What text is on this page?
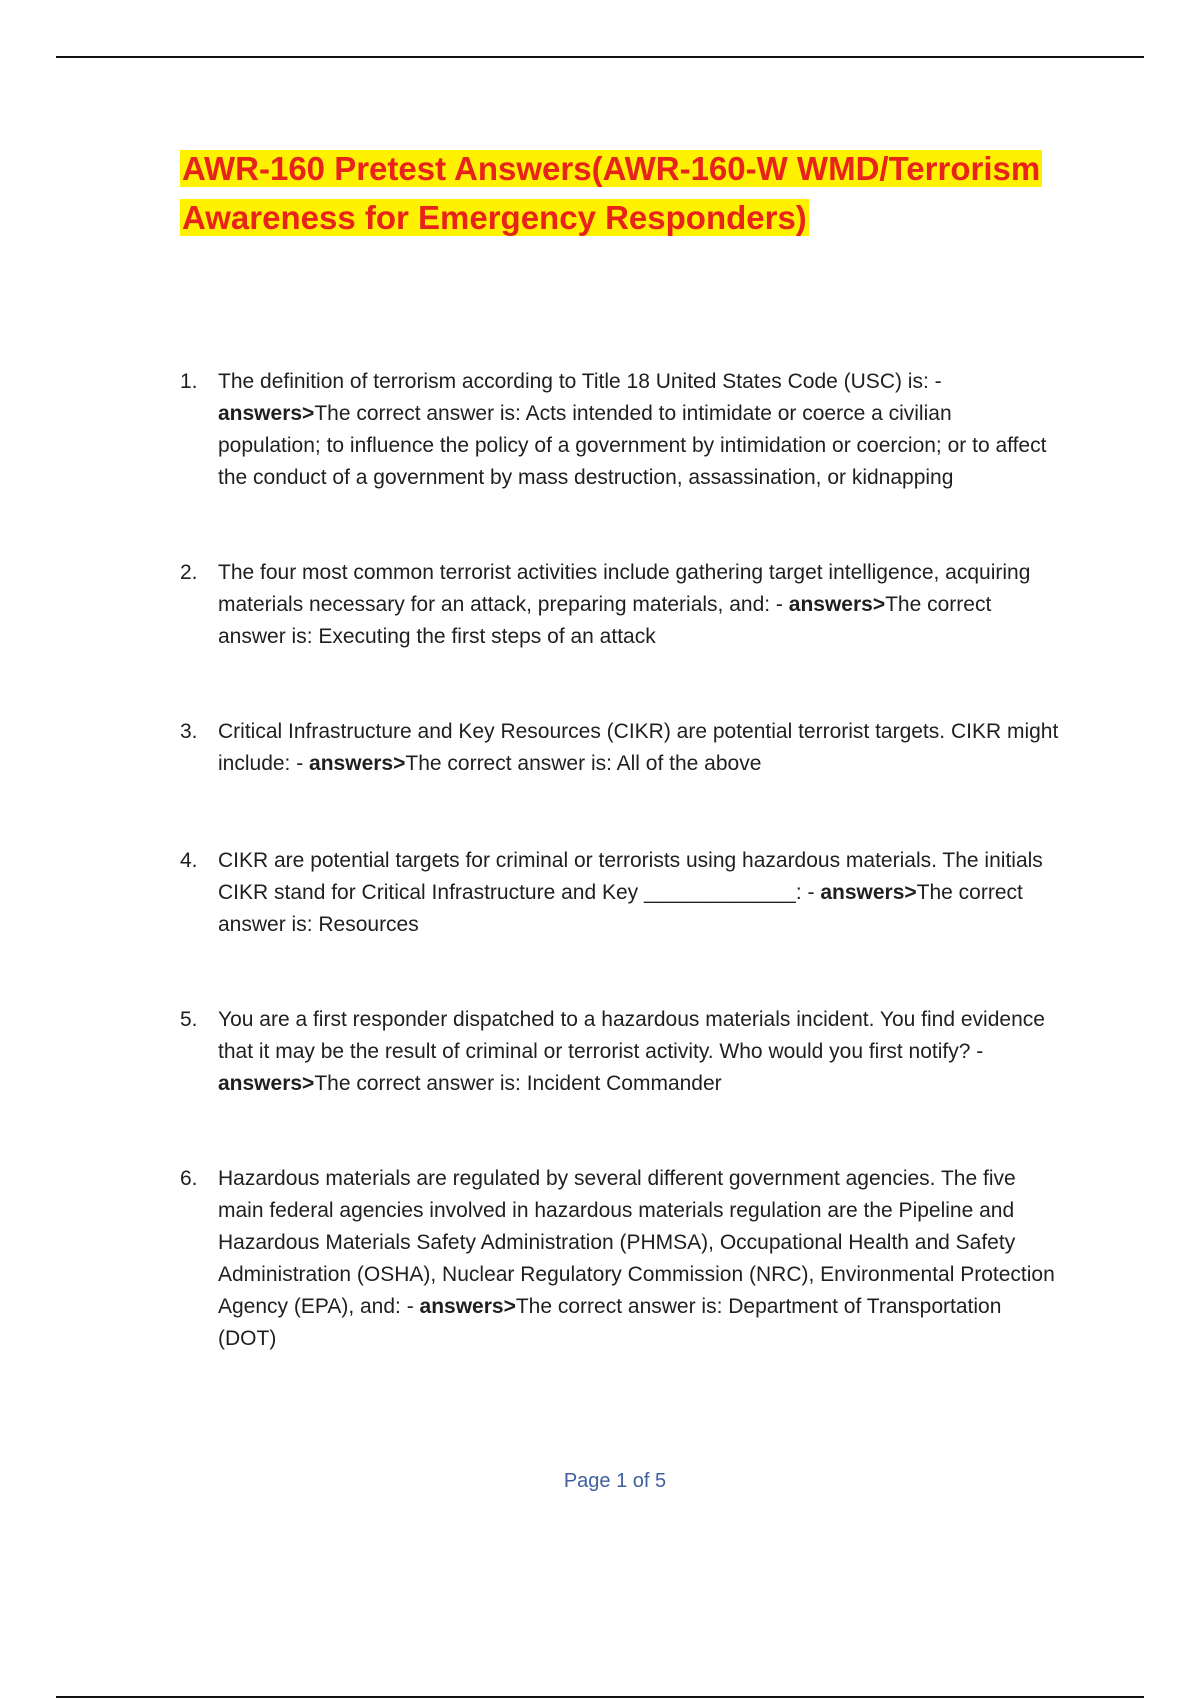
AWR-160 Pretest Answers(AWR-160-W WMD/Terrorism Awareness for Emergency Responders)
1. The definition of terrorism according to Title 18 United States Code (USC) is: - answers>The correct answer is: Acts intended to intimidate or coerce a civilian population; to influence the policy of a government by intimidation or coercion; or to affect the conduct of a government by mass destruction, assassination, or kidnapping
2. The four most common terrorist activities include gathering target intelligence, acquiring materials necessary for an attack, preparing materials, and: - answers>The correct answer is: Executing the first steps of an attack
3. Critical Infrastructure and Key Resources (CIKR) are potential terrorist targets. CIKR might include: - answers>The correct answer is: All of the above
4. CIKR are potential targets for criminal or terrorists using hazardous materials. The initials CIKR stand for Critical Infrastructure and Key _____________: - answers>The correct answer is: Resources
5. You are a first responder dispatched to a hazardous materials incident. You find evidence that it may be the result of criminal or terrorist activity. Who would you first notify? - answers>The correct answer is: Incident Commander
6. Hazardous materials are regulated by several different government agencies. The five main federal agencies involved in hazardous materials regulation are the Pipeline and Hazardous Materials Safety Administration (PHMSA), Occupational Health and Safety Administration (OSHA), Nuclear Regulatory Commission (NRC), Environmental Protection Agency (EPA), and: - answers>The correct answer is: Department of Transportation (DOT)
Page 1 of 5
